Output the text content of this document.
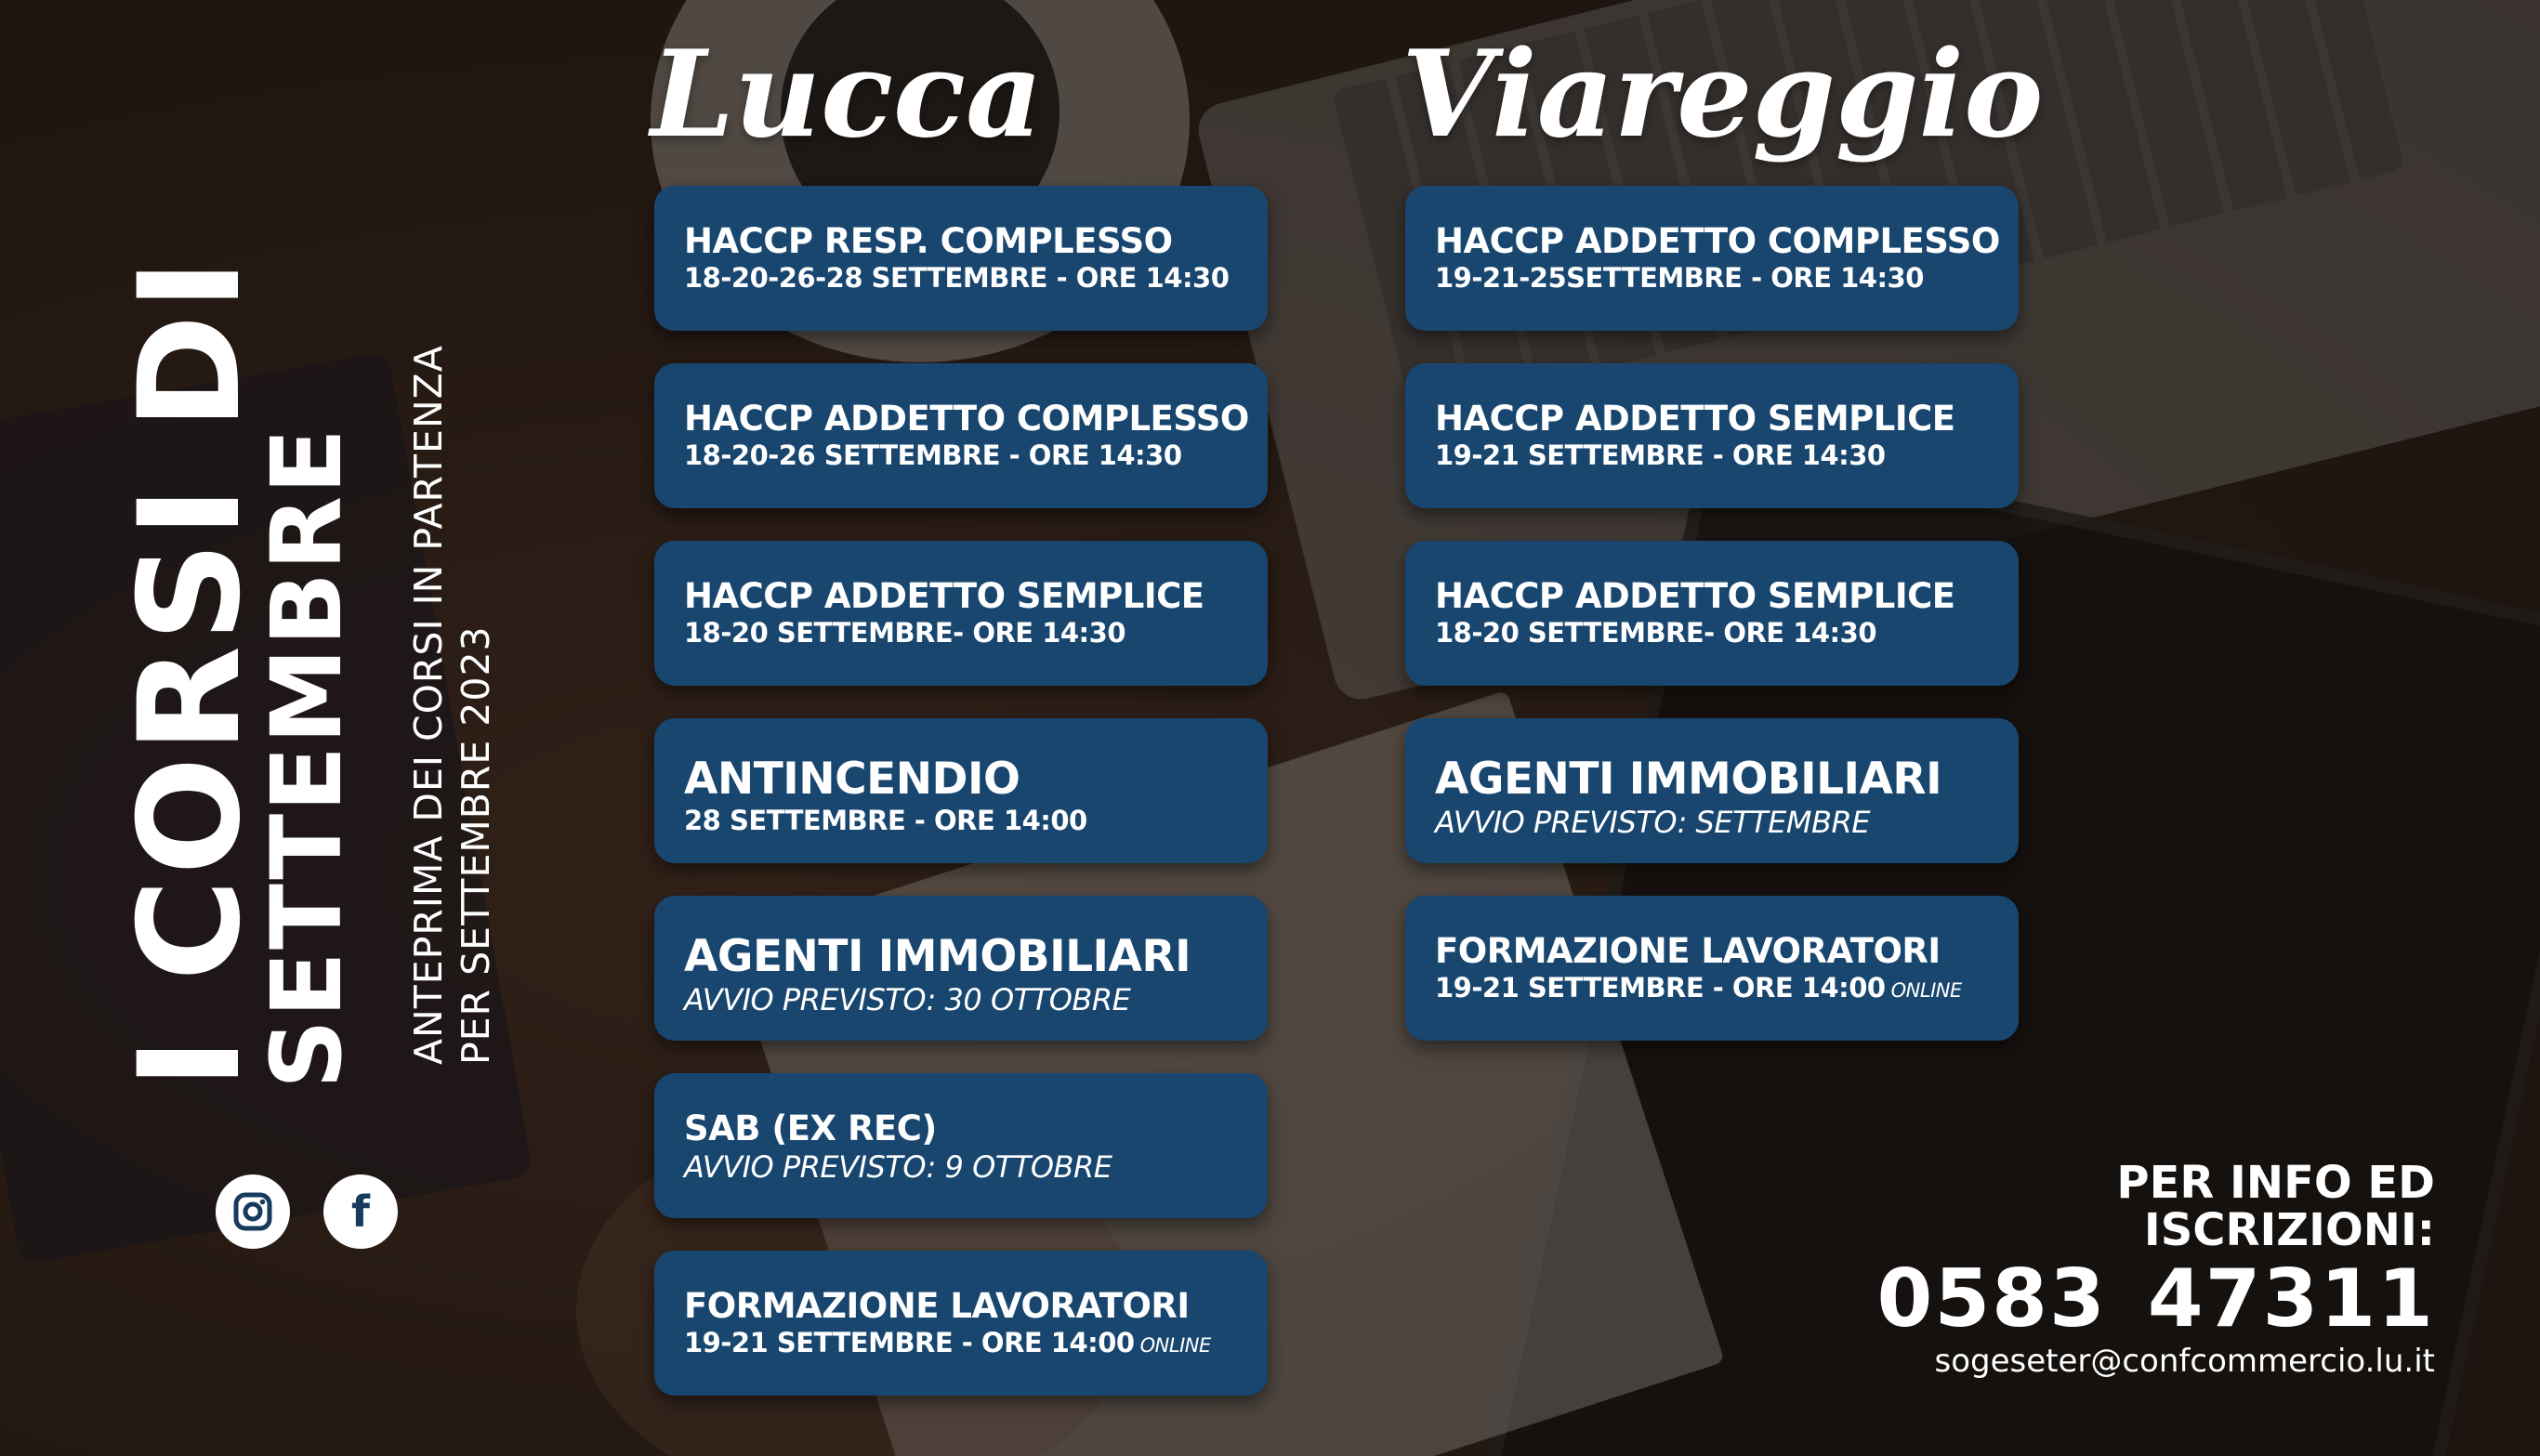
I CORSI DI
SETTEMBRE ANTEPRIMA DEI CORSI IN PARTENZA PER SETTEMBRE 2023
f
Lucca
HACCP RESP. COMPLESSO
18-20-26-28 SETTEMBRE - ORE 14:30
HACCP ADDETTO COMPLESSO
18-20-26 SETTEMBRE - ORE 14:30
HACCP ADDETTO SEMPLICE
18-20 SETTEMBRE- ORE 14:30
ANTINCENDIO
28 SETTEMBRE - ORE 14:00
AGENTI IMMOBILIARI
AVVIO PREVISTO: 30 OTTOBRE
SAB (EX REC)
AVVIO PREVISTO: 9 OTTOBRE
FORMAZIONE LAVORATORI
19-21 SETTEMBRE - ORE 14:00 ONLINE
Viareggio
HACCP ADDETTO COMPLESSO
19-21-25SETTEMBRE - ORE 14:30
HACCP ADDETTO SEMPLICE
19-21 SETTEMBRE - ORE 14:30
HACCP ADDETTO SEMPLICE
18-20 SETTEMBRE- ORE 14:30
AGENTI IMMOBILIARI
AVVIO PREVISTO: SETTEMBRE
FORMAZIONE LAVORATORI
19-21 SETTEMBRE - ORE 14:00 ONLINE
PER INFO ED
ISCRIZIONI:
0583 47311
sogeseter@confcommercio.lu.it
